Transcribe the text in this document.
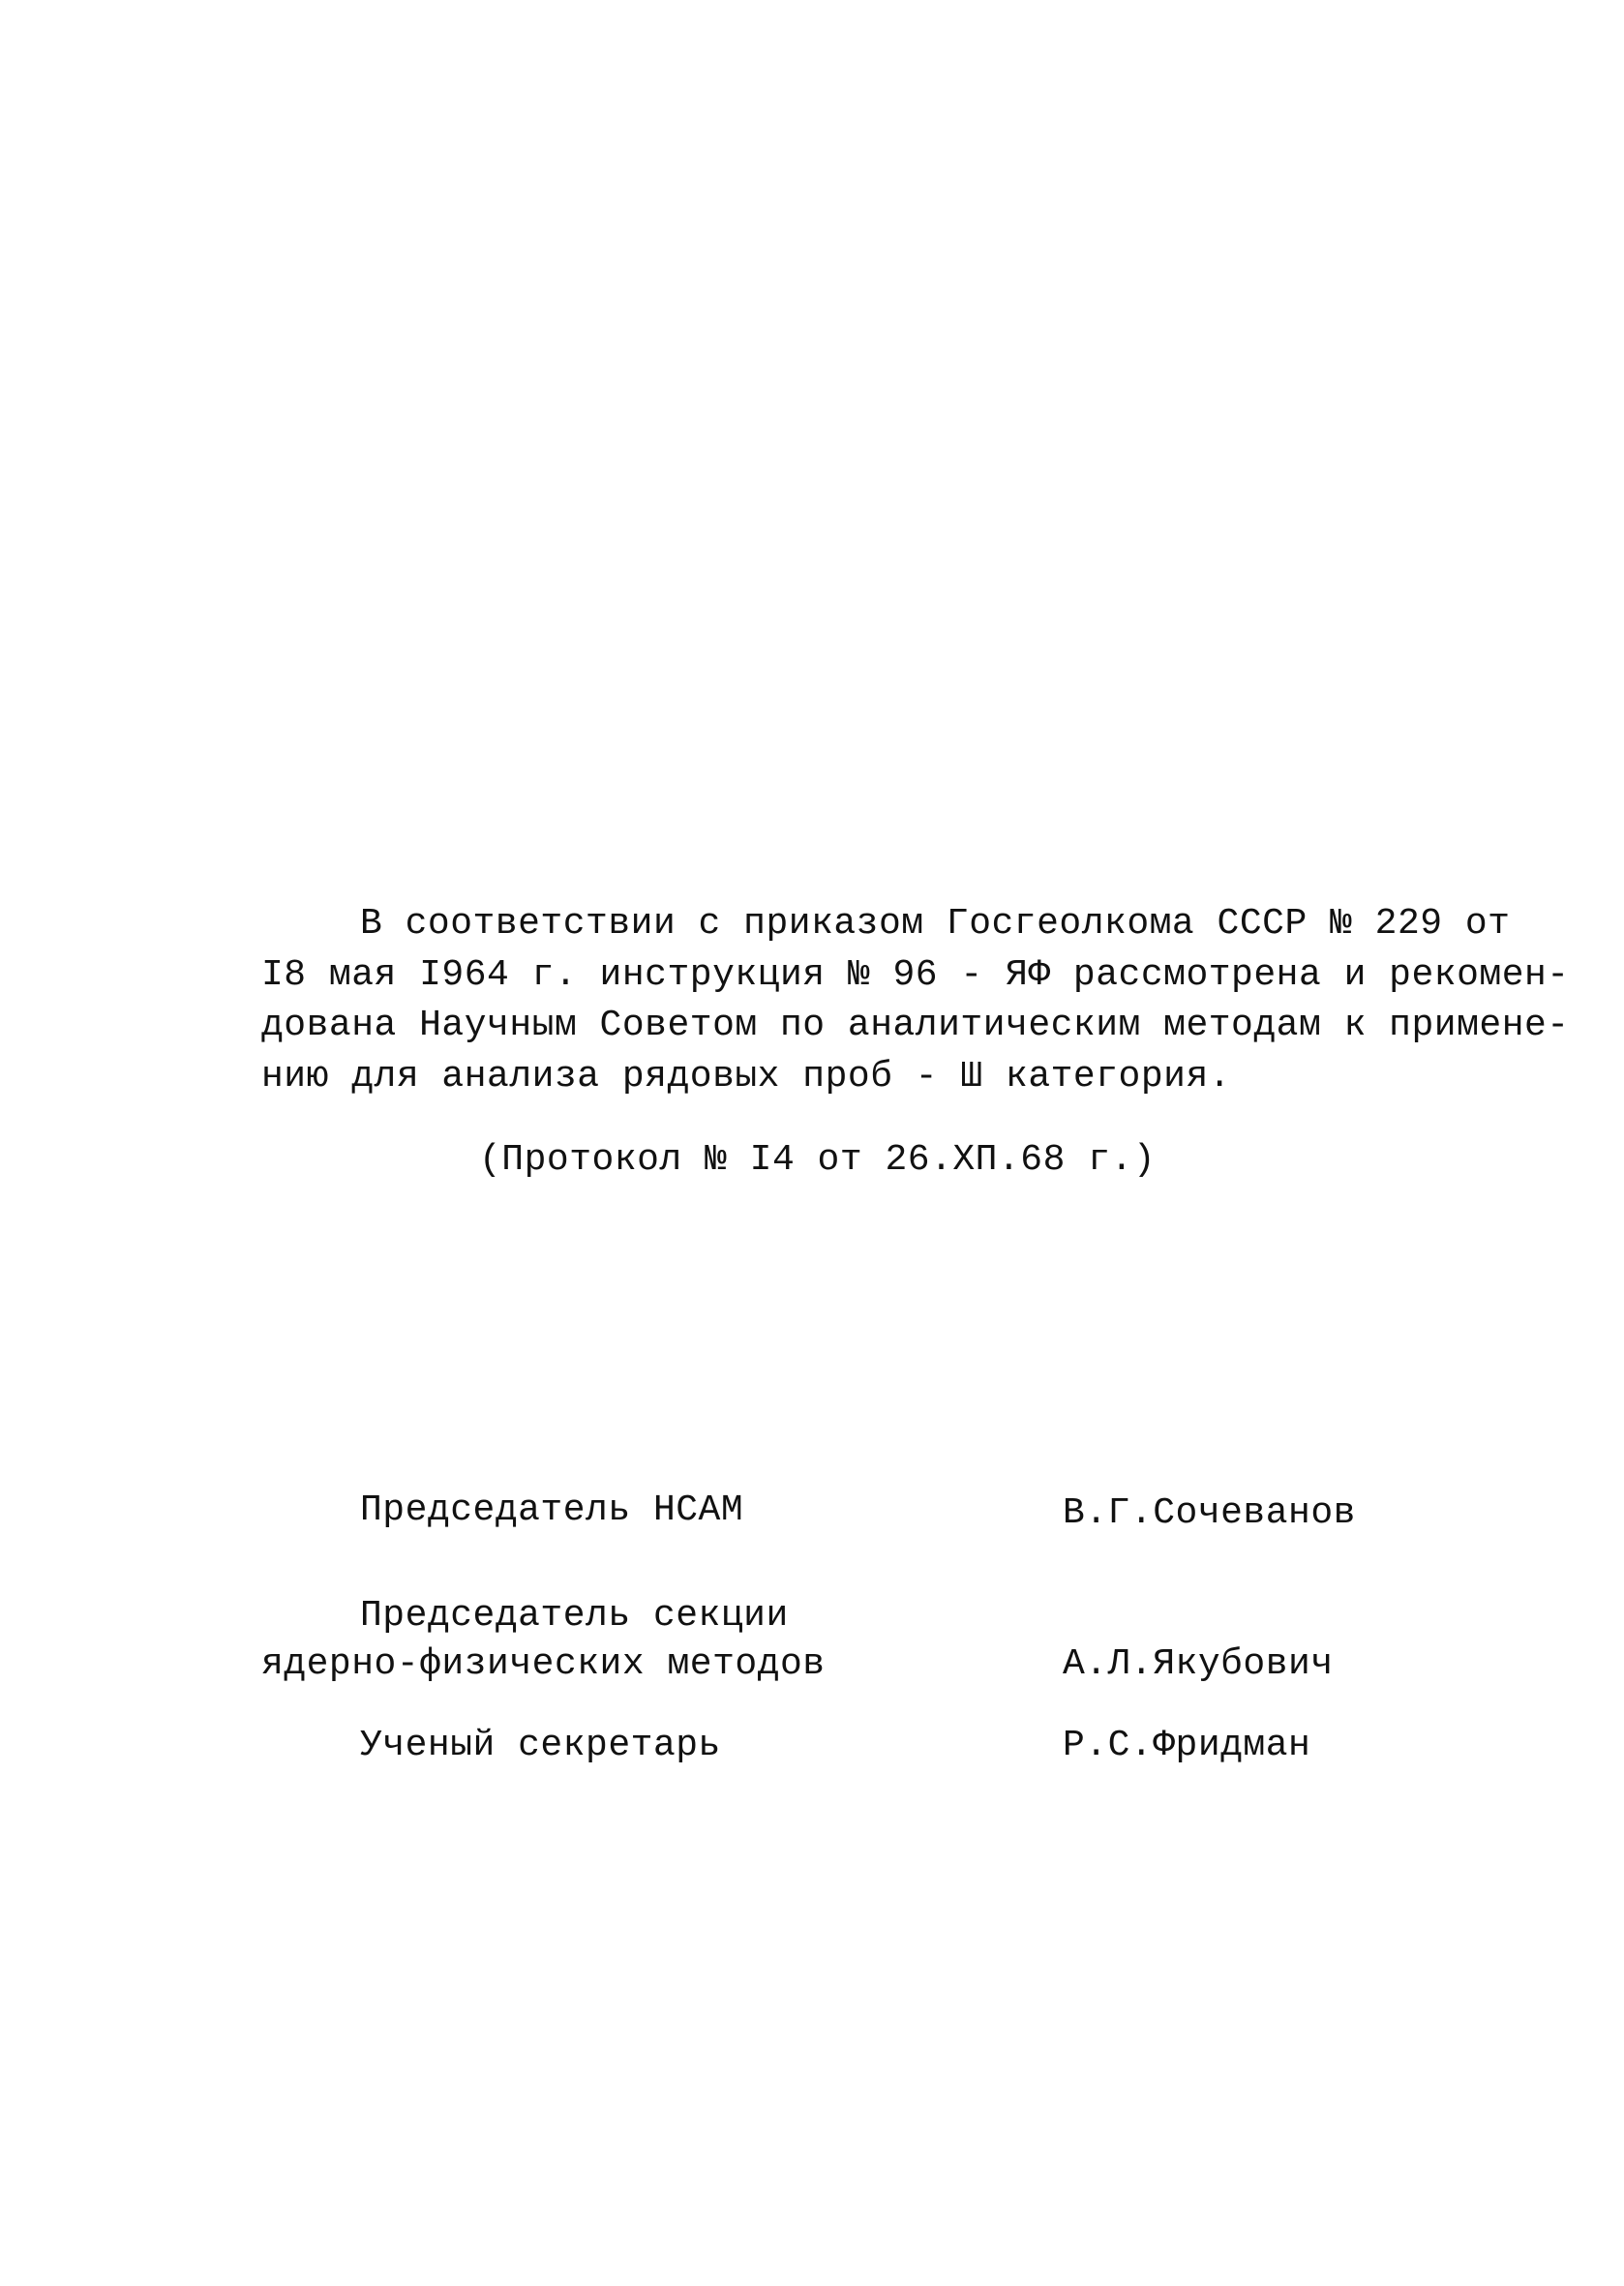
В соответствии с приказом Госгеолкома СССР № 229 от
I8 мая I964 г. инструкция № 96 - ЯФ рассмотрена и рекомен-
дована Научным Советом по аналитическим методам к примене-
нию для анализа рядовых проб - Ш категория.
(Протокол № I4 от 26.ХП.68 г.)
Председатель НСАМ	В.Г.Сочеванов
Председатель секции
ядерно-физических методов	А.Л.Якубович
Ученый секретарь	Р.С.Фридман
